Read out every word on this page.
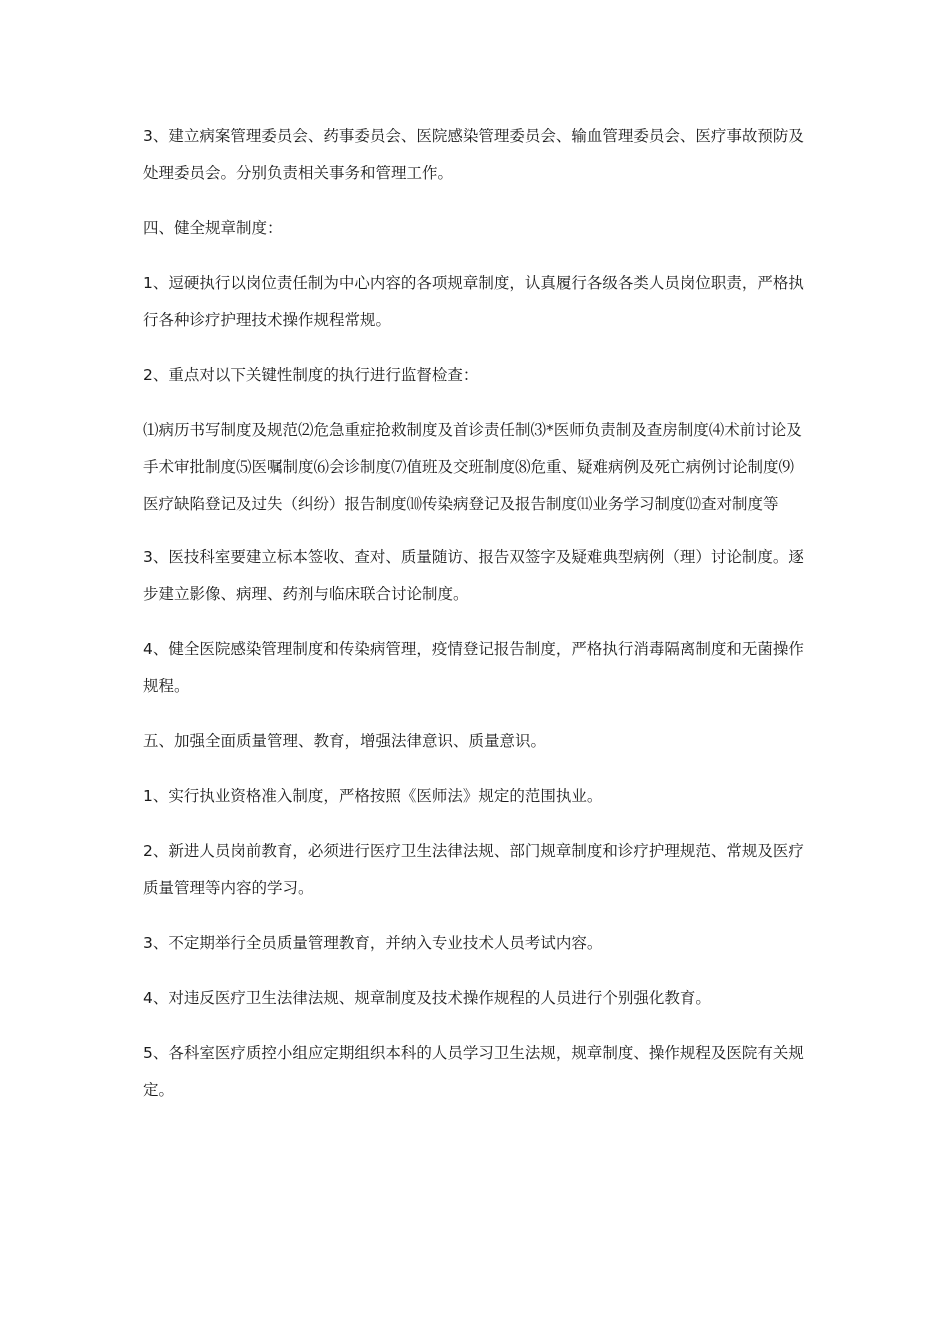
3、建立病案管理委员会、药事委员会、医院感染管理委员会、输血管理委员会、医疗事故预防及处理委员会。分别负责相关事务和管理工作。

四、健全规章制度：

1、逗硬执行以岗位责任制为中心内容的各项规章制度，认真履行各级各类人员岗位职责，严格执行各种诊疗护理技术操作规程常规。

2、重点对以下关键性制度的执行进行监督检查：

⑴病历书写制度及规范⑵危急重症抢救制度及首诊责任制⑶*医师负责制及查房制度⑷术前讨论及手术审批制度⑸医嘱制度⑹会诊制度⑺值班及交班制度⑻危重、疑难病例及死亡病例讨论制度⑼医疗缺陷登记及过失（纠纷）报告制度⑽传染病登记及报告制度⑾业务学习制度⑿查对制度等

3、医技科室要建立标本签收、查对、质量随访、报告双签字及疑难典型病例（理）讨论制度。逐步建立影像、病理、药剂与临床联合讨论制度。

4、健全医院感染管理制度和传染病管理，疫情登记报告制度，严格执行消毒隔离制度和无菌操作规程。

五、加强全面质量管理、教育，增强法律意识、质量意识。

1、实行执业资格准入制度，严格按照《医师法》规定的范围执业。

2、新进人员岗前教育，必须进行医疗卫生法律法规、部门规章制度和诊疗护理规范、常规及医疗质量管理等内容的学习。

3、不定期举行全员质量管理教育，并纳入专业技术人员考试内容。

4、对违反医疗卫生法律法规、规章制度及技术操作规程的人员进行个别强化教育。

5、各科室医疗质控小组应定期组织本科的人员学习卫生法规，规章制度、操作规程及医院有关规定。
